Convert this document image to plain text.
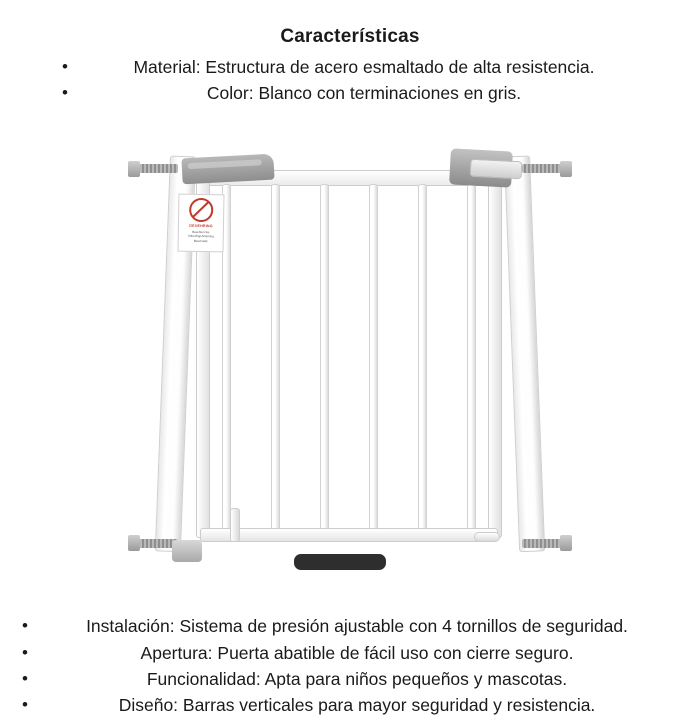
Características
•	Material: Estructura de acero esmaltado de alta resistencia.
•	Color: Blanco con terminaciones en gris.
GEUEHRING
Beachten Sie
Unbedingt Anleitung
Beschreibt
•	Instalación: Sistema de presión ajustable con 4 tornillos de seguridad.
•	Apertura: Puerta abatible de fácil uso con cierre seguro.
•	Funcionalidad: Apta para niños pequeños y mascotas.
•	Diseño: Barras verticales para mayor seguridad y resistencia.
